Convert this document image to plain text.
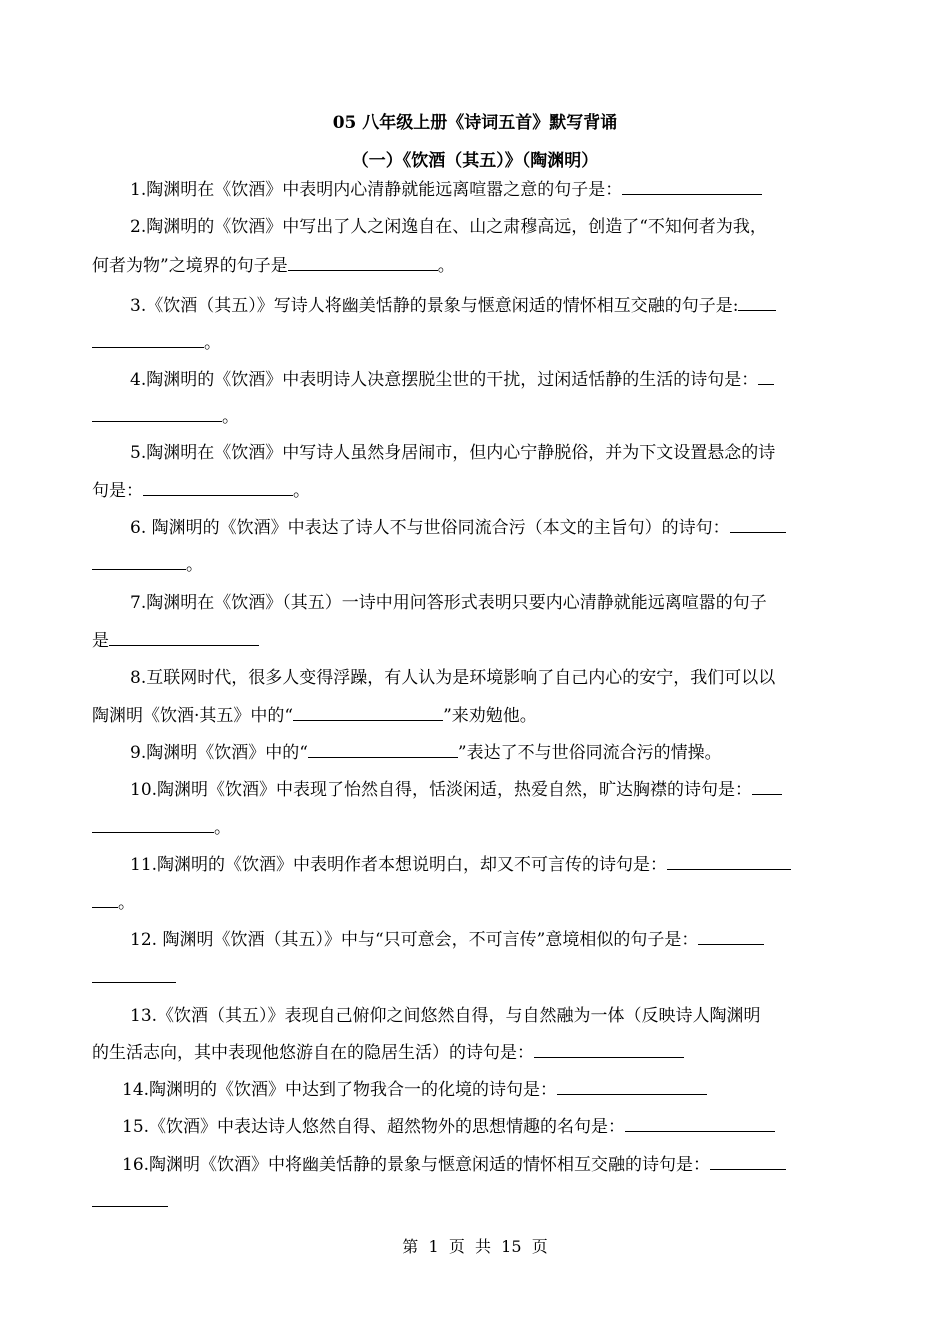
05 八年级上册《诗词五首》默写背诵
（一）《饮酒（其五）》（陶渊明）
1.陶渊明在《饮酒》中表明内心清静就能远离喧嚣之意的句子是：
2.陶渊明的《饮酒》中写出了人之闲逸自在、山之肃穆高远，创造了“不知何者为我，
何者为物”之境界的句子是	。
3.《饮酒（其五）》写诗人将幽美恬静的景象与惬意闲适的情怀相互交融的句子是:
。
4.陶渊明的《饮酒》中表明诗人决意摆脱尘世的干扰，过闲适恬静的生活的诗句是：
。
5.陶渊明在《饮酒》中写诗人虽然身居闹市，但内心宁静脱俗，并为下文设置悬念的诗
句是：	。
6. 陶渊明的《饮酒》中表达了诗人不与世俗同流合污（本文的主旨句）的诗句：
。
7.陶渊明在《饮酒》（其五）一诗中用问答形式表明只要内心清静就能远离喧嚣的句子
是
8.互联网时代，很多人变得浮躁，有人认为是环境影响了自己内心的安宁，我们可以以
陶渊明《饮酒·其五》中的“	”来劝勉他。
9.陶渊明《饮酒》中的“	”表达了不与世俗同流合污的情操。
10.陶渊明《饮酒》中表现了怡然自得，恬淡闲适，热爱自然，旷达胸襟的诗句是：
。
11.陶渊明的《饮酒》中表明作者本想说明白，却又不可言传的诗句是：
。
12. 陶渊明《饮酒（其五）》中与“只可意会，不可言传”意境相似的句子是：
13.《饮酒（其五）》表现自己俯仰之间悠然自得，与自然融为一体（反映诗人陶渊明
的生活志向，其中表现他悠游自在的隐居生活）的诗句是：
14.陶渊明的《饮酒》中达到了物我合一的化境的诗句是：
15.《饮酒》中表达诗人悠然自得、超然物外的思想情趣的名句是：
16.陶渊明《饮酒》中将幽美恬静的景象与惬意闲适的情怀相互交融的诗句是：
第  1  页  共  15  页
